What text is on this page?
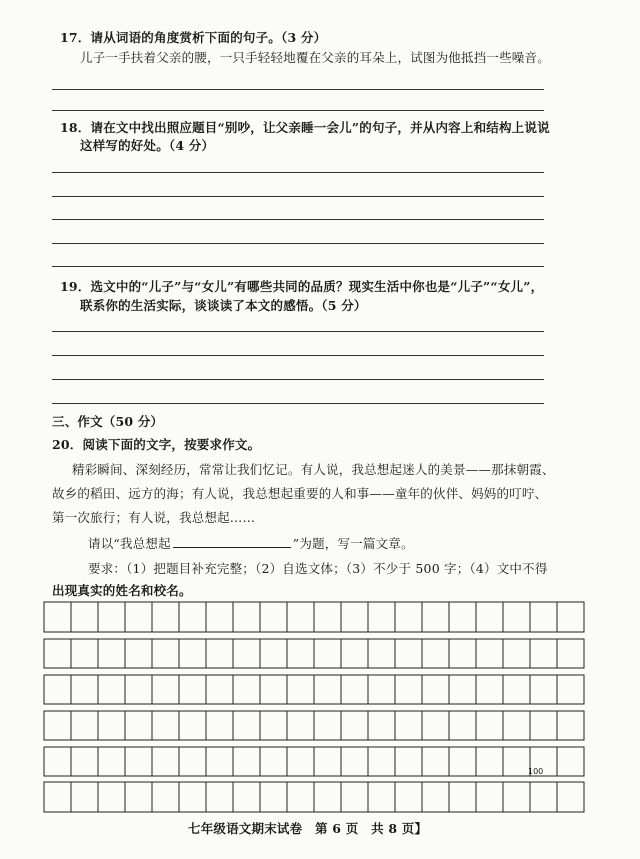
17．请从词语的角度赏析下面的句子。（3 分）
儿子一手扶着父亲的腰，一只手轻轻地覆在父亲的耳朵上，试图为他抵挡一些噪音。
18．请在文中找出照应题目“别吵，让父亲睡一会儿”的句子，并从内容上和结构上说说
这样写的好处。（4 分）
19．选文中的“儿子”与“女儿”有哪些共同的品质？现实生活中你也是“儿子”“女儿”，
联系你的生活实际，谈谈读了本文的感悟。（5 分）
三、作文（50 分）
20．阅读下面的文字，按要求作文。
精彩瞬间、深刻经历，常常让我们忆记。有人说，我总想起迷人的美景——那抹朝霞、
故乡的稻田、远方的海；有人说，我总想起重要的人和事——童年的伙伴、妈妈的叮咛、
第一次旅行；有人说，我总想起……
请以“我总想起	”为题，写一篇文章。
要求：（1）把题目补充完整；（2）自选文体；（3）不少于 500 字；（4）文中不得
出现真实的姓名和校名。
100
七年级语文期末试卷　第 6 页　共 8 页】
